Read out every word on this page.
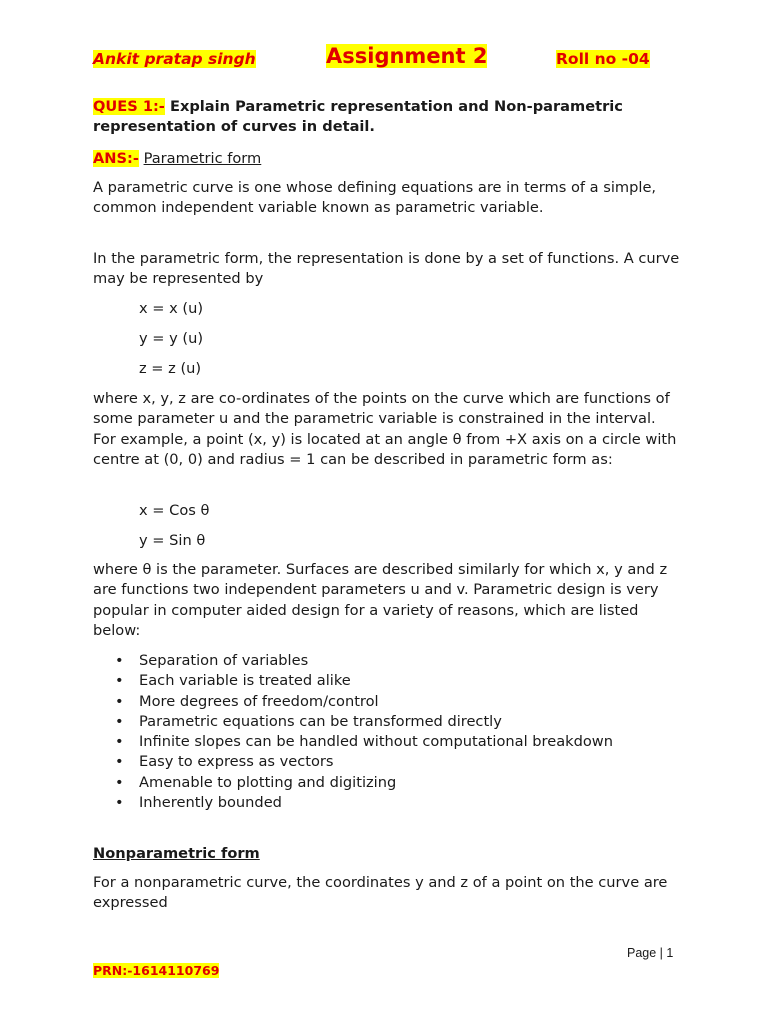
Ankit pratap singh	Assignment 2	Roll no -04
QUES 1:- Explain Parametric representation and Non-parametric representation of curves in detail.
ANS:- Parametric form

A parametric curve is one whose defining equations are in terms of a simple, common independent variable known as parametric variable.

In the parametric form, the representation is done by a set of functions. A curve may be represented by

x = x (u)
y = y (u)
z = z (u)

where x, y, z are co-ordinates of the points on the curve which are functions of some parameter u and the parametric variable is constrained in the interval. For example, a point (x, y) is located at an angle θ from +X axis on a circle with centre at (0, 0) and radius = 1 can be described in parametric form as:

x = Cos θ
y = Sin θ

where θ is the parameter. Surfaces are described similarly for which x, y and z are functions two independent parameters u and v. Parametric design is very popular in computer aided design for a variety of reasons, which are listed below:

• Separation of variables
• Each variable is treated alike
• More degrees of freedom/control
• Parametric equations can be transformed directly
• Infinite slopes can be handled without computational breakdown
• Easy to express as vectors
• Amenable to plotting and digitizing
• Inherently bounded
Nonparametric form

For a nonparametric curve, the coordinates y and z of a point on the curve are expressed

Page | 1
PRN:-1614110769
